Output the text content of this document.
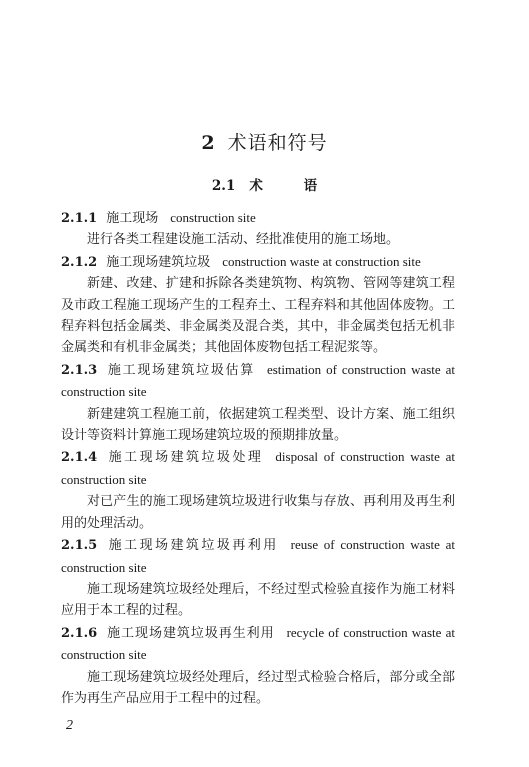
2 术语和符号
2.1 术 语
2.1.1 施工现场 construction site
进行各类工程建设施工活动、经批准使用的施工场地。
2.1.2 施工现场建筑垃圾 construction waste at construction site
新建、改建、扩建和拆除各类建筑物、构筑物、管网等建筑工程及市政工程施工现场产生的工程弃土、工程弃料和其他固体废物。工程弃料包括金属类、非金属类及混合类，其中，非金属类包括无机非金属类和有机非金属类；其他固体废物包括工程泥浆等。
2.1.3 施工现场建筑垃圾估算 estimation of construction waste at construction site
新建建筑工程施工前，依据建筑工程类型、设计方案、施工组织设计等资料计算施工现场建筑垃圾的预期排放量。
2.1.4 施工现场建筑垃圾处理 disposal of construction waste at construction site
对已产生的施工现场建筑垃圾进行收集与存放、再利用及再生利用的处理活动。
2.1.5 施工现场建筑垃圾再利用 reuse of construction waste at construction site
施工现场建筑垃圾经处理后，不经过型式检验直接作为施工材料应用于本工程的过程。
2.1.6 施工现场建筑垃圾再生利用 recycle of construction waste at construction site
施工现场建筑垃圾经处理后，经过型式检验合格后，部分或全部作为再生产品应用于工程中的过程。
2
